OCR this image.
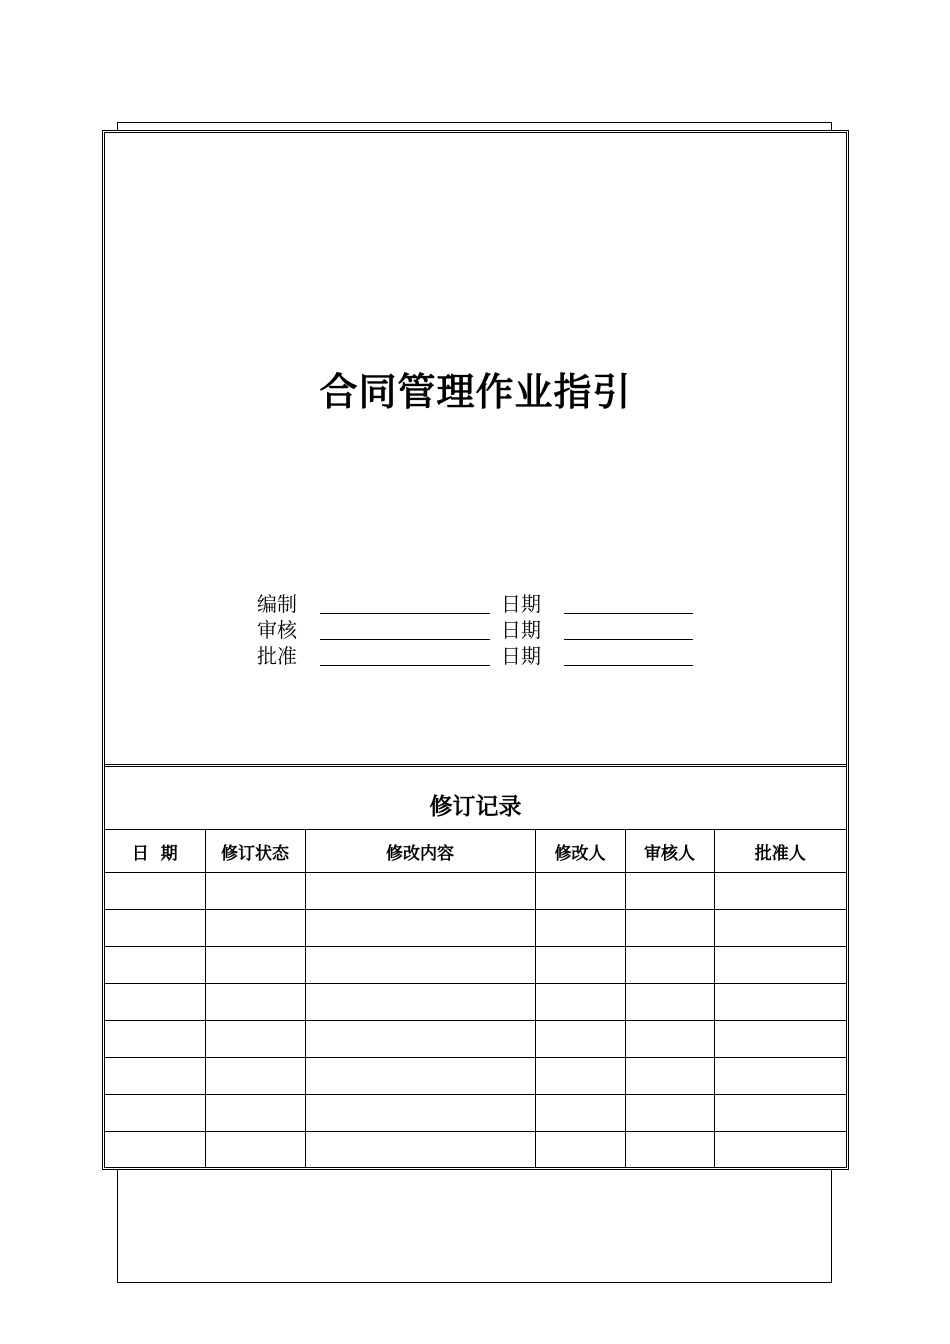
合同管理作业指引
编制	日期
审核	日期
批准	日期
修订记录
日  期	修订状态	修改内容	修改人	审核人	批准人
